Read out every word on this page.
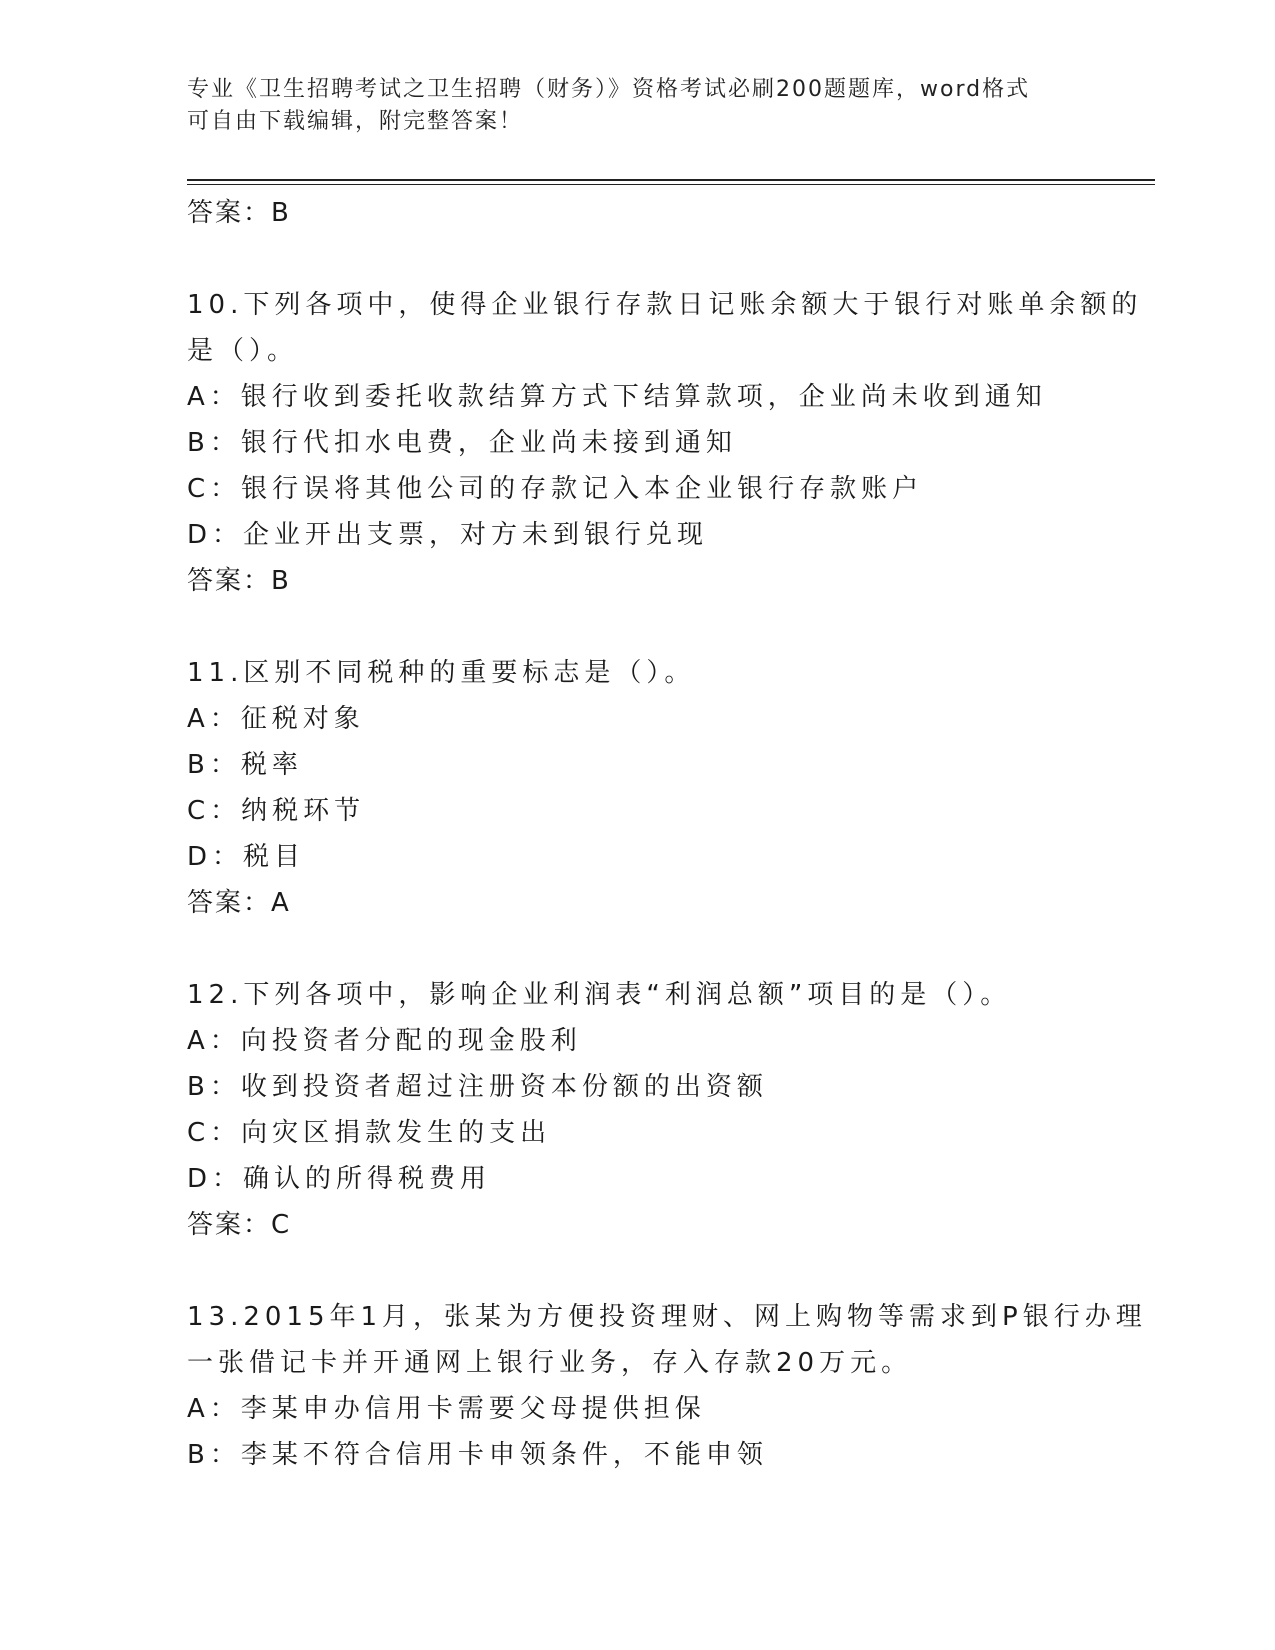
专业《卫生招聘考试之卫生招聘（财务）》资格考试必刷200题题库，word格式
可自由下载编辑，附完整答案！
答案：B
10.下列各项中，使得企业银行存款日记账余额大于银行对账单余额的
是（）。
A：银行收到委托收款结算方式下结算款项，企业尚未收到通知
B：银行代扣水电费，企业尚未接到通知
C：银行误将其他公司的存款记入本企业银行存款账户
D：企业开出支票，对方未到银行兑现
答案：B
11.区别不同税种的重要标志是（）。
A：征税对象
B：税率
C：纳税环节
D：税目
答案：A
12.下列各项中，影响企业利润表“利润总额”项目的是（）。
A：向投资者分配的现金股利
B：收到投资者超过注册资本份额的出资额
C：向灾区捐款发生的支出
D：确认的所得税费用
答案：C
13.2015年1月，张某为方便投资理财、网上购物等需求到P银行办理
一张借记卡并开通网上银行业务，存入存款20万元。
A：李某申办信用卡需要父母提供担保
B：李某不符合信用卡申领条件，不能申领
